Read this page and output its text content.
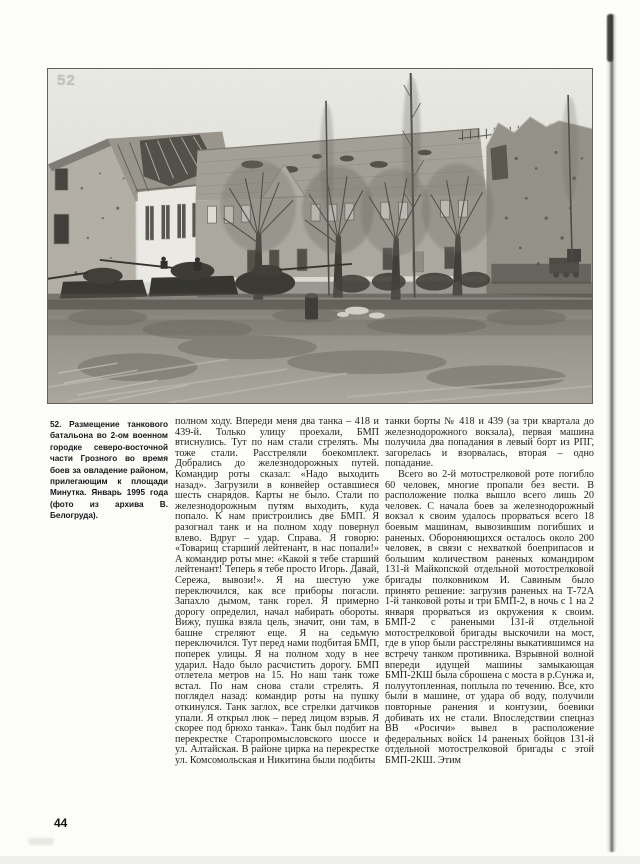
52
52. Размещение танкового батальона во 2-ом военном городке северо-восточной части Грозного во время боев за овладение районом, прилегающим к площади Минутка. Январь 1995 года (фото из архива В. Белогруда).

полном ходу. Впереди меня два танка – 418 и 439-й. Только улицу проехали, БМП втиснулись. Тут по нам стали стрелять. Мы тоже стали. Расстреляли боекомплект. Добрались до железнодорожных путей. Командир роты сказал: «Надо выходить назад». Загрузили в конвейер оставшиеся шесть снарядов. Карты не было. Стали по железнодорожным путям выходить, куда попало. К нам пристроились две БМП. Я разогнал танк и на полном ходу повернул влево. Вдруг – удар. Справа. Я говорю: «Товарищ старший лейтенант, в нас попали!» А командир роты мне: «Какой я тебе старший лейтенант! Теперь я тебе просто Игорь. Давай, Сережа, вывози!». Я на шестую уже переключился, как все приборы погасли. Запахло дымом, танк горел. Я примерно дорогу определил, начал набирать обороты. Вижу, пушка взяла цель, значит, они там, в башне стреляют еще. Я на седьмую переключился. Тут перед нами подбитая БМП, поперек улицы. Я на полном ходу в нее ударил. Надо было расчистить дорогу. БМП отлетела метров на 15. Но наш танк тоже встал. По нам снова стали стрелять. Я поглядел назад: командир роты на пушку откинулся. Танк заглох, все стрелки датчиков упали. Я открыл люк – перед лицом взрыв. Я скорее под брюхо танка». Танк был подбит на перекрестке Старопромысловского шоссе и ул. Алтайская. В районе цирка на перекрестке ул. Комсомольская и Никитина были подбиты

танки борты № 418 и 439 (за три квартала до железнодорожного вокзала), первая машина получила два попадания в левый борт из РПГ, загорелась и взорвалась, вторая – одно попадание.

Всего во 2-й мотострелковой роте погибло 60 человек, многие пропали без вести. В расположение полка вышло всего лишь 20 человек. С начала боев за железнодорожный вокзал к своим удалось прорваться всего 18 боевым машинам, вывозившим погибших и раненых. Обороняющихся осталось около 200 человек, в связи с нехваткой боеприпасов и большим количеством раненых командиром 131-й Майкопской отдельной мотострелковой бригады полковником И. Савиным было принято решение: загрузив раненых на Т-72А 1-й танковой роты и три БМП-2, в ночь с 1 на 2 января прорваться из окружения к своим. БМП-2 с ранеными 131-й отдельной мотострелковой бригады выскочили на мост, где в упор были расстреляны выкатившимся на встречу танком противника. Взрывной волной впереди идущей машины замыкающая БМП-2КШ была сброшена с моста в р.Сунжа и, полуутопленная, поплыла по течению. Все, кто были в машине, от удара об воду, получили повторные ранения и контузии, боевики добивать их не стали. Впоследствии спецназ ВВ «Росичи» вывел в расположение федеральных войск 14 раненых бойцов 131-й отдельной мотострелковой бригады с этой БМП-2КШ. Этим

44
